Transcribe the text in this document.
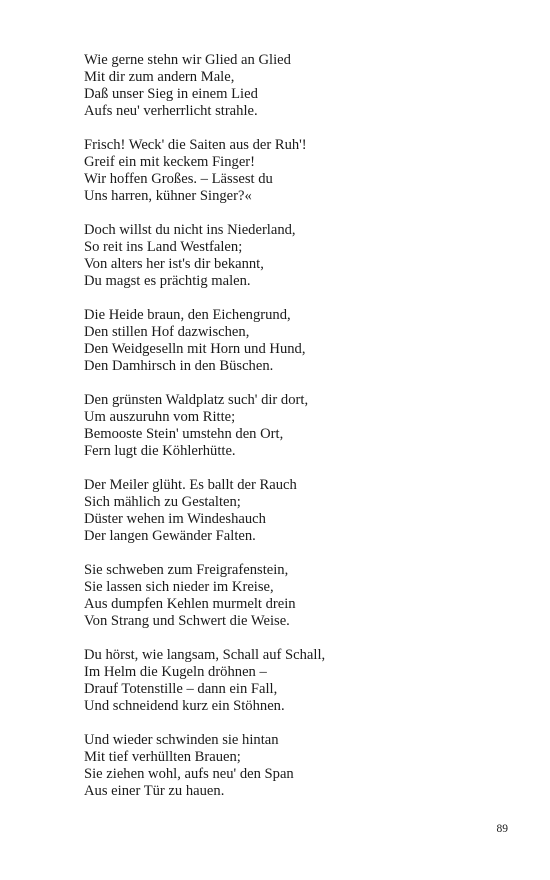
Wie gerne stehn wir Glied an Glied
Mit dir zum andern Male,
Daß unser Sieg in einem Lied
Aufs neu' verherrlicht strahle.
Frisch! Weck' die Saiten aus der Ruh'!
Greif ein mit keckem Finger!
Wir hoffen Großes. – Lässest du
Uns harren, kühner Singer?«
Doch willst du nicht ins Niederland,
So reit ins Land Westfalen;
Von alters her ist's dir bekannt,
Du magst es prächtig malen.
Die Heide braun, den Eichengrund,
Den stillen Hof dazwischen,
Den Weidgeselln mit Horn und Hund,
Den Damhirsch in den Büschen.
Den grünsten Waldplatz such' dir dort,
Um auszuruhn vom Ritte;
Bemooste Stein' umstehn den Ort,
Fern lugt die Köhlerhütte.
Der Meiler glüht. Es ballt der Rauch
Sich mählich zu Gestalten;
Düster wehen im Windeshauch
Der langen Gewänder Falten.
Sie schweben zum Freigrafenstein,
Sie lassen sich nieder im Kreise,
Aus dumpfen Kehlen murmelt drein
Von Strang und Schwert die Weise.
Du hörst, wie langsam, Schall auf Schall,
Im Helm die Kugeln dröhnen –
Drauf Totenstille – dann ein Fall,
Und schneidend kurz ein Stöhnen.
Und wieder schwinden sie hintan
Mit tief verhüllten Brauen;
Sie ziehen wohl, aufs neu' den Span
Aus einer Tür zu hauen.
89
